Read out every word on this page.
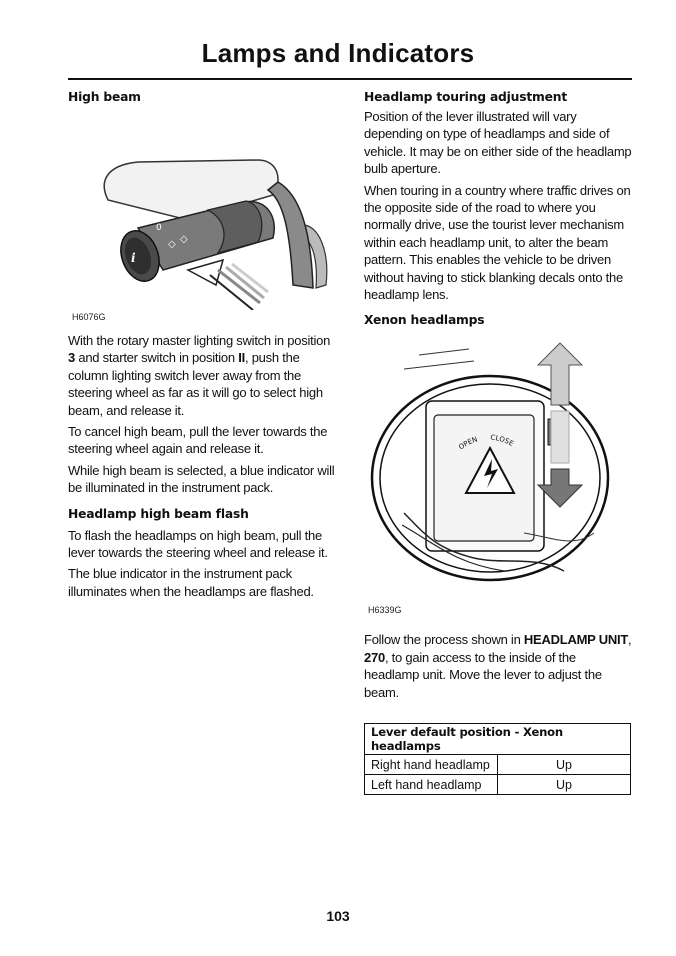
Lamps and Indicators
High beam
i
0
◇ ◇
H6076G

With the rotary master lighting switch in position 3 and starter switch in position II, push the column lighting switch lever away from the steering wheel as far as it will go to select high beam, and release it.

To cancel high beam, pull the lever towards the steering wheel again and release it.

While high beam is selected, a blue indicator will be illuminated in the instrument pack.

Headlamp high beam flash

To flash the headlamps on high beam, pull the lever towards the steering wheel and release it.

The blue indicator in the instrument pack illuminates when the headlamps are flashed.

Headlamp touring adjustment

Position of the lever illustrated will vary depending on type of headlamps and side of vehicle. It may be on either side of the headlamp bulb aperture.

When touring in a country where traffic drives on the opposite side of the road to where you normally drive, use the tourist lever mechanism within each headlamp unit, to alter the beam pattern. This enables the vehicle to be driven without having to stick blanking decals onto the headlamp lens.

Xenon headlamps
OPEN CLOSE
H6339G

Follow the process shown in HEADLAMP UNIT, 270, to gain access to the inside of the headlamp unit. Move the lever to adjust the beam.

Lever default position - Xenon headlamps	
Right hand headlamp	Up
Left hand headlamp	Up
103
